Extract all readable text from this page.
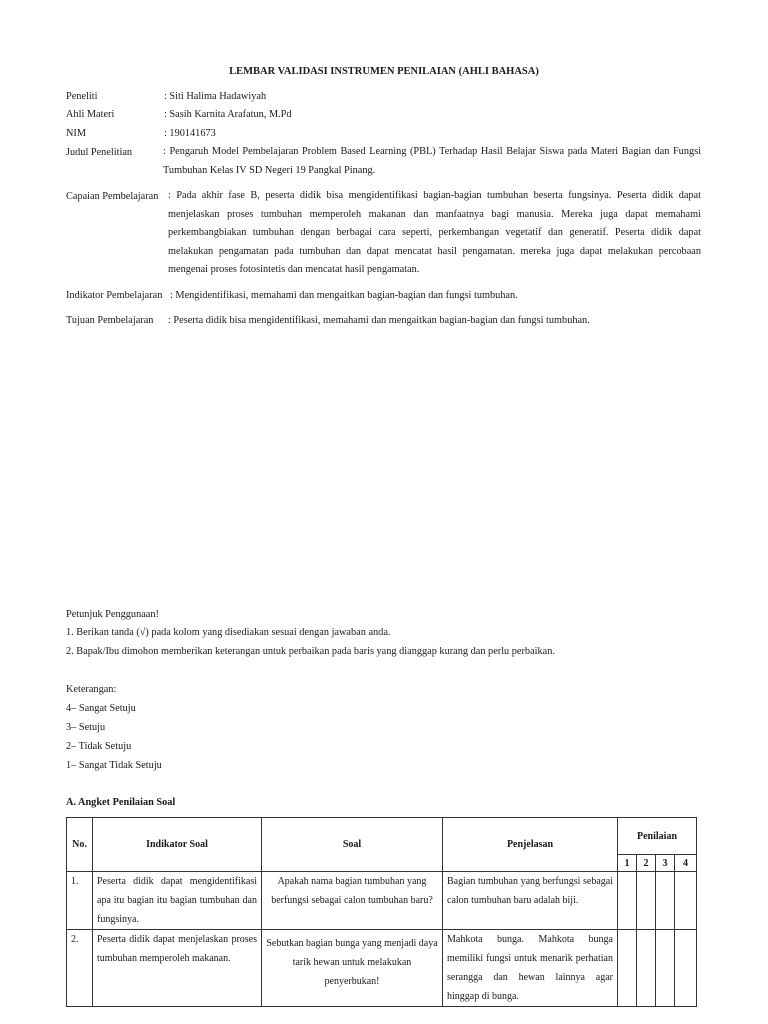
LEMBAR VALIDASI INSTRUMEN PENILAIAN (AHLI BAHASA)
Peneliti	: Siti Halima Hadawiyah
Ahli Materi	: Sasih Karnita Arafatun, M.Pd
NIM	: 190141673
Judul Penelitian	: Pengaruh Model Pembelajaran Problem Based Learning (PBL) Terhadap Hasil Belajar Siswa pada Materi Bagian dan Fungsi Tumbuhan Kelas IV SD Negeri 19 Pangkal Pinang.
Capaian Pembelajaran : Pada akhir fase B, peserta didik bisa mengidentifikasi bagian-bagian tumbuhan beserta fungsinya. Peserta didik dapat menjelaskan proses tumbuhan memperoleh makanan dan manfaatnya bagi manusia. Mereka juga dapat memahami perkembangbiakan tumbuhan dengan berbagai cara seperti, perkembangan vegetatif dan generatif. Peserta didik dapat melakukan pengamatan pada tumbuhan dan dapat mencatat hasil pengamatan. mereka juga dapat melakukan percobaan mengenai proses fotosintetis dan mencatat hasil pengamatan.
Indikator Pembelajaran : Mengidentifikasi, memahami dan mengaitkan bagian-bagian dan fungsi tumbuhan.
Tujuan Pembelajaran : Peserta didik bisa mengidentifikasi, memahami dan mengaitkan bagian-bagian dan fungsi tumbuhan.
Petunjuk Penggunaan!
1. Berikan tanda (√) pada kolom yang disediakan sesuai dengan jawaban anda.
2. Bapak/Ibu dimohon memberikan keterangan untuk perbaikan pada baris yang dianggap kurang dan perlu perbaikan.
Keterangan:
4– Sangat Setuju
3– Setuju
2– Tidak Setuju
1– Sangat Tidak Setuju
A. Angket Penilaian Soal
No.	Indikator Soal	Soal	Penjelasan	Penilaian			
				1	2	3	4
1.	Peserta didik dapat mengidentifikasi apa itu bagian itu bagian tumbuhan dan fungsinya.	Apakah nama bagian tumbuhan yang berfungsi sebagai calon tumbuhan baru?	Bagian tumbuhan yang berfungsi sebagai calon tumbuhan baru adalah biji.				
2.	Peserta didik dapat menjelaskan proses tumbuhan memperoleh makanan.	Sebutkan bagian bunga yang menjadi daya tarik hewan untuk melakukan penyerbukan!	Mahkota bunga. Mahkota bunga memiliki fungsi untuk menarik perhatian serangga dan hewan lainnya agar hinggap di bunga.				
